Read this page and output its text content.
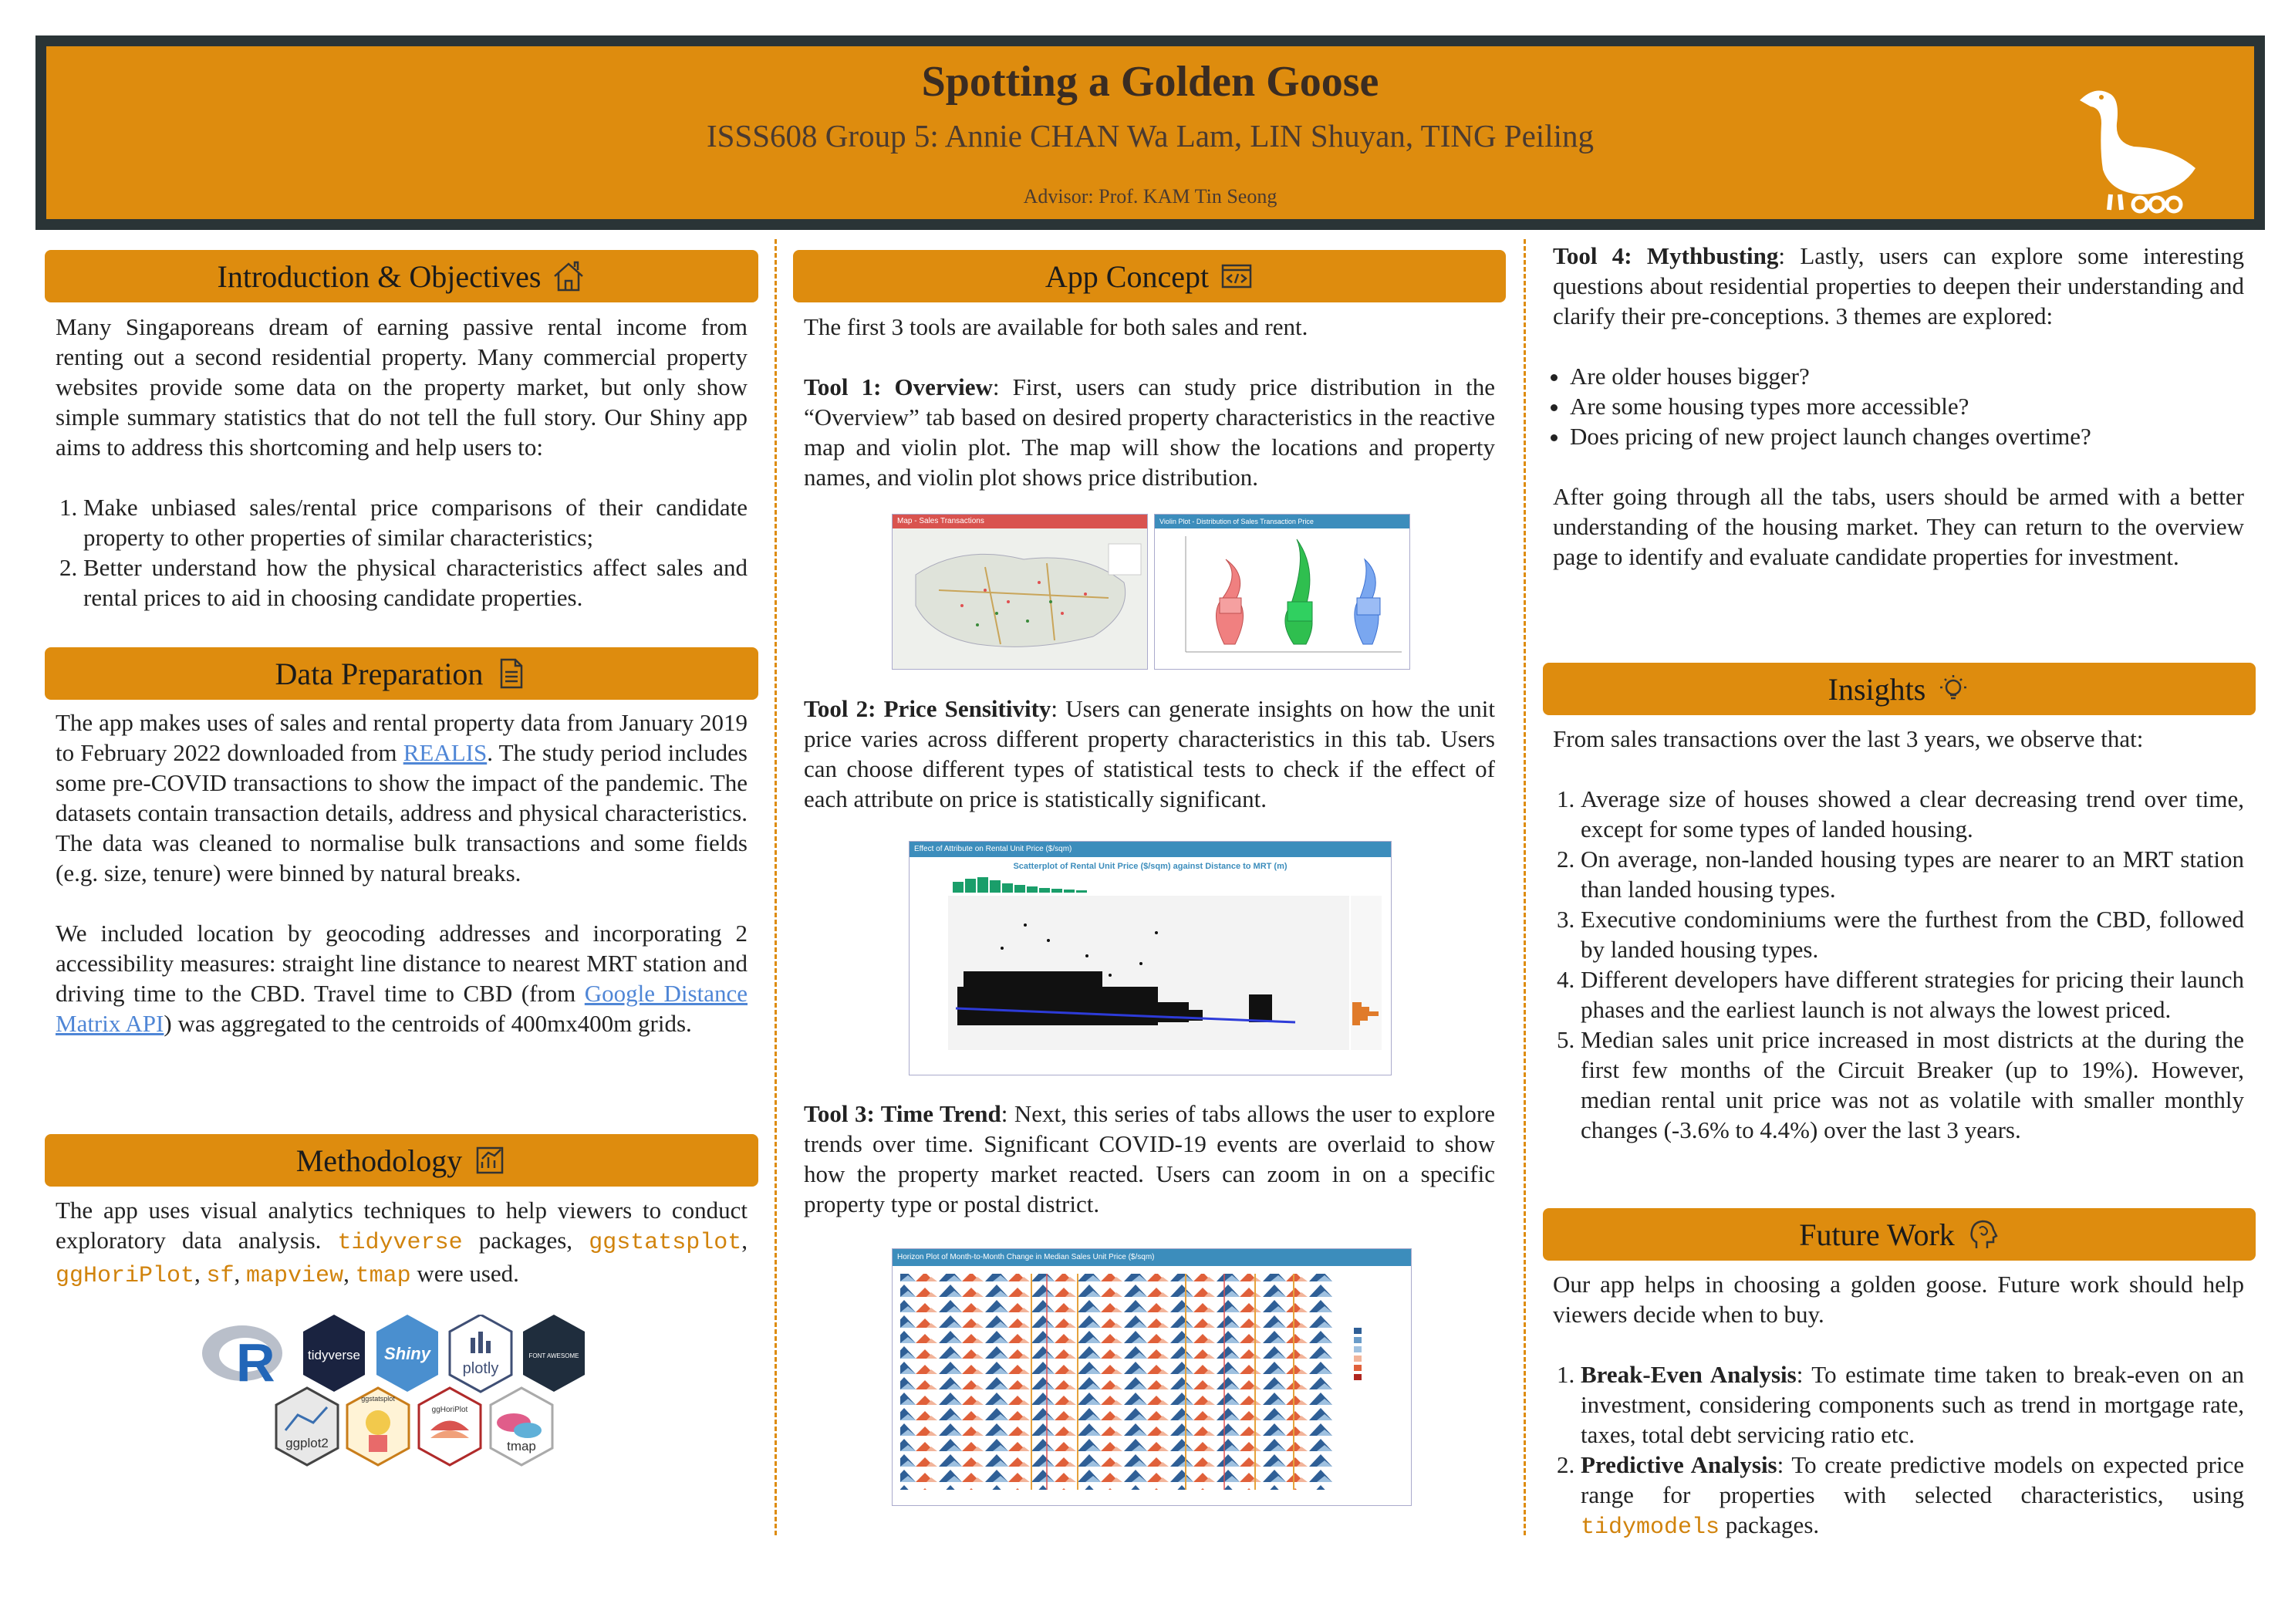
Spotting a Golden Goose
ISSS608 Group 5: Annie CHAN Wa Lam, LIN Shuyan, TING Peiling
Advisor: Prof. KAM Tin Seong
Introduction & Objectives

Many Singaporeans dream of earning passive rental income from renting out a second residential property. Many commercial property websites provide some data on the property market, but only show simple summary statistics that do not tell the full story. Our Shiny app aims to address this shortcoming and help users to:

1. Make unbiased sales/rental price comparisons of their candidate property to other properties of similar characteristics;
2. Better understand how the physical characteristics affect sales and rental prices to aid in choosing candidate properties.
Data Preparation

The app makes uses of sales and rental property data from January 2019 to February 2022 downloaded from REALIS. The study period includes some pre-COVID transactions to show the impact of the pandemic. The datasets contain transaction details, address and physical characteristics. The data was cleaned to normalise bulk transactions and some fields (e.g. size, tenure) were binned by natural breaks.

We included location by geocoding addresses and incorporating 2 accessibility measures: straight line distance to nearest MRT station and driving time to the CBD. Travel time to CBD (from Google Distance Matrix API) was aggregated to the centroids of 400mx400m grids.

Methodology

The app uses visual analytics techniques to help viewers to conduct exploratory data analysis. tidyverse packages, ggstatsplot, ggHoriPlot, sf, mapview, tmap were used.

R tidyverse Shiny
plotly
FONT AWESOME
ggplot2
ggstatsplot
ggHoriPlot
tmap
App Concept

The first 3 tools are available for both sales and rent.

Tool 1: Overview: First, users can study price distribution in the “Overview” tab based on desired property characteristics in the reactive map and violin plot. The map will show the locations and property names, and violin plot shows price distribution.

Map - Sales Transactions	Violin Plot - Distribution of Sales Transaction Price

Tool 2: Price Sensitivity: Users can generate insights on how the unit price varies across different property characteristics in this tab. Users can choose different types of statistical tests to check if the effect of each attribute on price is statistically significant.

Effect of Attribute on Rental Unit Price ($/sqm)
Scatterplot of Rental Unit Price ($/sqm) against Distance to MRT (m)

Tool 3: Time Trend: Next, this series of tabs allows the user to explore trends over time. Significant COVID-19 events are overlaid to show how the property market reacted. Users can zoom in on a specific property type or postal district.

Horizon Plot of Month-to-Month Change in Median Sales Unit Price ($/sqm)

Tool 4: Mythbusting: Lastly, users can explore some interesting questions about residential properties to deepen their understanding and clarify their pre-conceptions. 3 themes are explored:

• Are older houses bigger?
• Are some housing types more accessible?
• Does pricing of new project launch changes overtime?

After going through all the tabs, users should be armed with a better understanding of the housing market. They can return to the overview page to identify and evaluate candidate properties for investment.

Insights

From sales transactions over the last 3 years, we observe that:

1. Average size of houses showed a clear decreasing trend over time, except for some types of landed housing.
2. On average, non-landed housing types are nearer to an MRT station than landed housing types.
3. Executive condominiums were the furthest from the CBD, followed by landed housing types.
4. Different developers have different strategies for pricing their launch phases and the earliest launch is not always the lowest priced.
5. Median sales unit price increased in most districts at the during the first few months of the Circuit Breaker (up to 19%). However, median rental unit price was not as volatile with smaller monthly changes (-3.6% to 4.4%) over the last 3 years.
Future Work

Our app helps in choosing a golden goose. Future work should help viewers decide when to buy.

1. Break-Even Analysis: To estimate time taken to break-even on an investment, considering components such as trend in mortgage rate, taxes, total debt servicing ratio etc.
2. Predictive Analysis: To create predictive models on expected price range for properties with selected characteristics, using tidymodels packages.
